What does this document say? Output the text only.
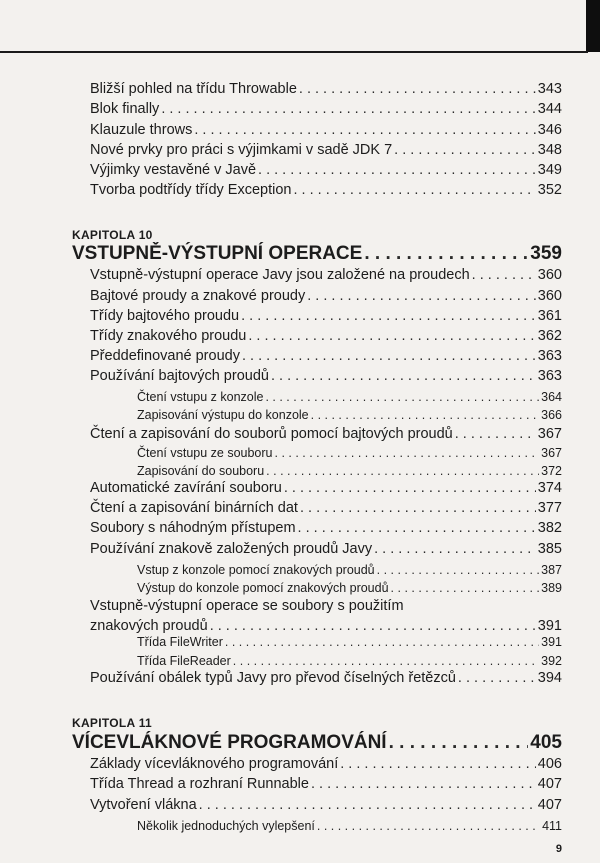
Bližší pohled na třídu Throwable . . .	343
Blok finally . . .	344
Klauzule throws . . .	346
Nové prvky pro práci s výjimkami v sadě JDK 7 . . .	348
Výjimky vestavěné v Javě . . .	349
Tvorba podtřídy třídy Exception . . .	352
KAPITOLA 10
VSTUPNĚ-VÝSTUPNÍ OPERACE . . .	359
Vstupně-výstupní operace Javy jsou založené na proudech . . .	360
Bajtové proudy a znakové proudy . . .	360
Třídy bajtového proudu . . .	361
Třídy znakového proudu . . .	362
Předdefinované proudy . . .	363
Používání bajtových proudů . . .	363
Čtení vstupu z konzole . . .	364
Zapisování výstupu do konzole . . .	366
Čtení a zapisování do souborů pomocí bajtových proudů . . .	367
Čtení vstupu ze souboru . . .	367
Zapisování do souboru . . .	372
Automatické zavírání souboru . . .	374
Čtení a zapisování binárních dat . . .	377
Soubory s náhodným přístupem . . .	382
Používání znakově založených proudů Javy . . .	385
Vstup z konzole pomocí znakových proudů . . .	387
Výstup do konzole pomocí znakových proudů . . .	389
Vstupně-výstupní operace se soubory s použitím
znakových proudů . . .	391
Třída FileWriter . . .	391
Třída FileReader . . .	392
Používání obálek typů Javy pro převod číselných řetězců . . .	394
KAPITOLA 11
VÍCEVLÁKNOVÉ PROGRAMOVÁNÍ . . .	405
Základy vícevláknového programování . . .	406
Třída Thread a rozhraní Runnable . . .	407
Vytvoření vlákna . . .	407
Několik jednoduchých vylepšení . . .	411
9
